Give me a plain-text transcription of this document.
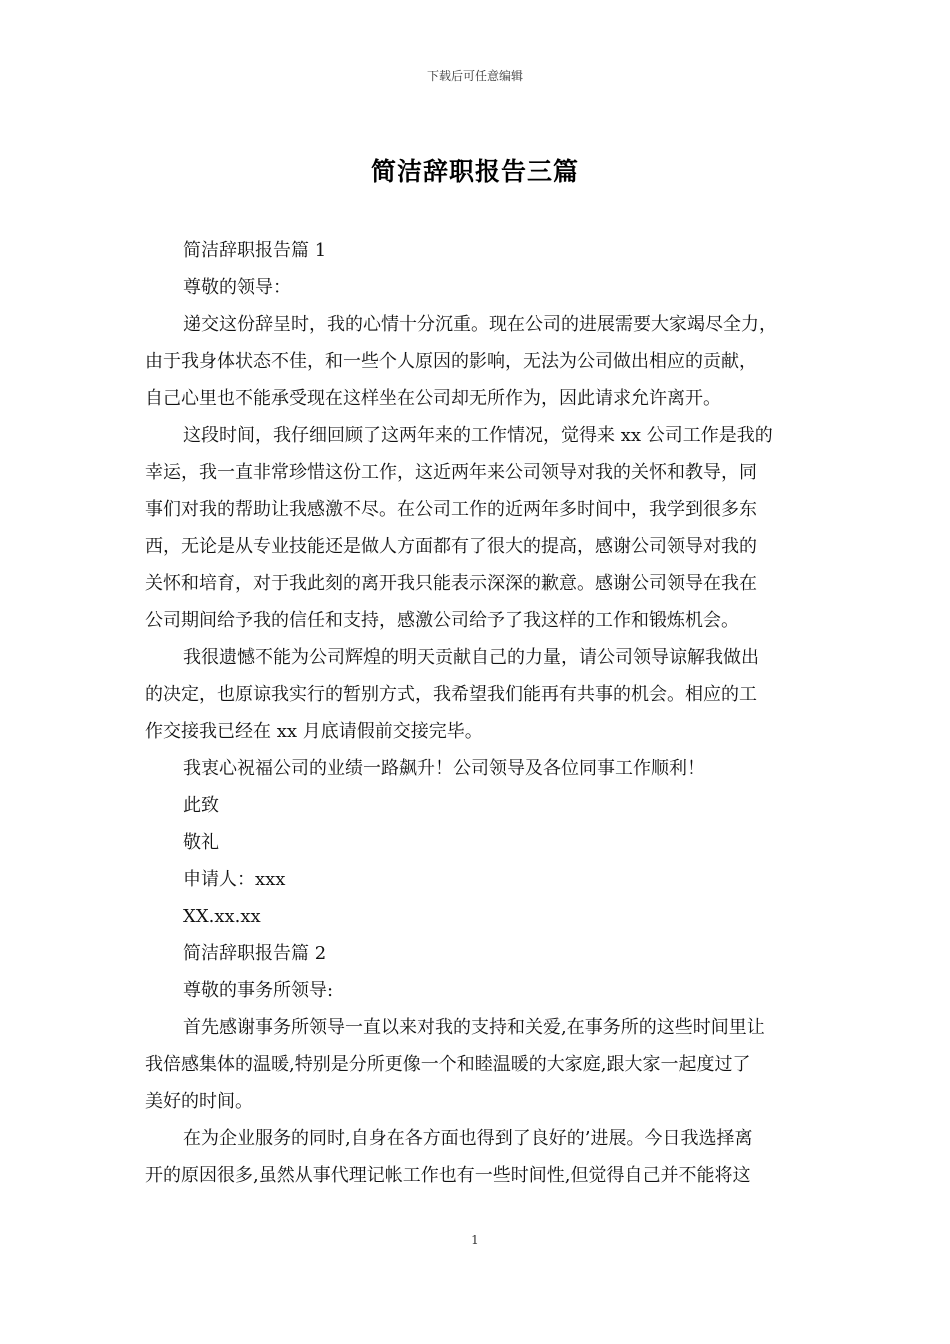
下载后可任意编辑
简洁辞职报告三篇
简洁辞职报告篇 1
尊敬的领导：
递交这份辞呈时，我的心情十分沉重。现在公司的进展需要大家竭尽全力，
由于我身体状态不佳，和一些个人原因的影响，无法为公司做出相应的贡献，
自己心里也不能承受现在这样坐在公司却无所作为，因此请求允许离开。
这段时间，我仔细回顾了这两年来的工作情况，觉得来 xx 公司工作是我的
幸运，我一直非常珍惜这份工作，这近两年来公司领导对我的关怀和教导，同
事们对我的帮助让我感激不尽。在公司工作的近两年多时间中，我学到很多东
西，无论是从专业技能还是做人方面都有了很大的提高，感谢公司领导对我的
关怀和培育，对于我此刻的离开我只能表示深深的歉意。感谢公司领导在我在
公司期间给予我的信任和支持，感激公司给予了我这样的工作和锻炼机会。
我很遗憾不能为公司辉煌的明天贡献自己的力量，请公司领导谅解我做出
的决定，也原谅我实行的暂别方式，我希望我们能再有共事的机会。相应的工
作交接我已经在 xx 月底请假前交接完毕。
我衷心祝福公司的业绩一路飙升！公司领导及各位同事工作顺利！
此致
敬礼
申请人：xxx
XX.xx.xx
简洁辞职报告篇 2
尊敬的事务所领导:
首先感谢事务所领导一直以来对我的支持和关爱,在事务所的这些时间里让
我倍感集体的温暖,特别是分所更像一个和睦温暖的大家庭,跟大家一起度过了
美好的时间。
在为企业服务的同时,自身在各方面也得到了良好的’进展。今日我选择离
开的原因很多,虽然从事代理记帐工作也有一些时间性,但觉得自己并不能将这
1
